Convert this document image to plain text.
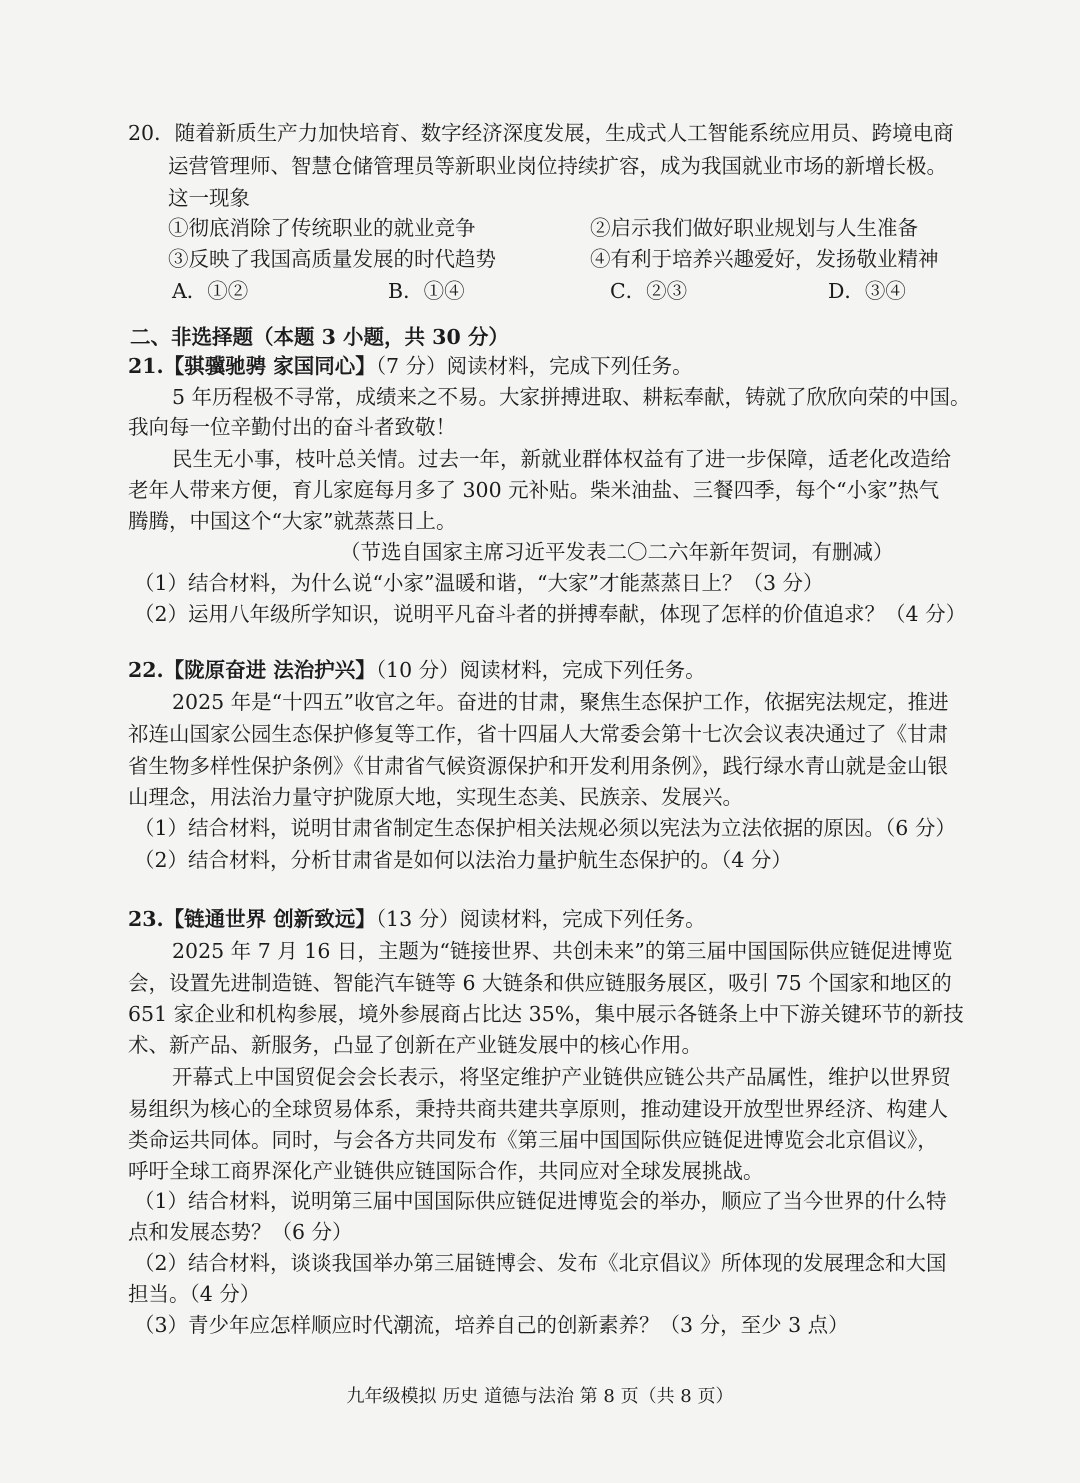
20．随着新质生产力加快培育、数字经济深度发展，生成式人工智能系统应用员、跨境电商
运营管理师、智慧仓储管理员等新职业岗位持续扩容，成为我国就业市场的新增长极。
这一现象
①彻底消除了传统职业的就业竞争	②启示我们做好职业规划与人生准备
③反映了我国高质量发展的时代趋势	④有利于培养兴趣爱好，发扬敬业精神
A．①②	B．①④	C．②③	D．③④
二、非选择题（本题 3 小题，共 30 分）
21.【骐骥驰骋 家国同心】（7 分）阅读材料，完成下列任务。
5 年历程极不寻常，成绩来之不易。大家拼搏进取、耕耘奉献，铸就了欣欣向荣的中国。
我向每一位辛勤付出的奋斗者致敬！
民生无小事，枝叶总关情。过去一年，新就业群体权益有了进一步保障，适老化改造给
老年人带来方便，育儿家庭每月多了 300 元补贴。柴米油盐、三餐四季，每个“小家”热气
腾腾，中国这个“大家”就蒸蒸日上。
（节选自国家主席习近平发表二〇二六年新年贺词，有删减）
（1）结合材料，为什么说“小家”温暖和谐，“大家”才能蒸蒸日上？（3 分）
（2）运用八年级所学知识，说明平凡奋斗者的拼搏奉献，体现了怎样的价值追求？（4 分）
22.【陇原奋进 法治护兴】（10 分）阅读材料，完成下列任务。
2025 年是“十四五”收官之年。奋进的甘肃，聚焦生态保护工作，依据宪法规定，推进
祁连山国家公园生态保护修复等工作，省十四届人大常委会第十七次会议表决通过了《甘肃
省生物多样性保护条例》《甘肃省气候资源保护和开发利用条例》，践行绿水青山就是金山银
山理念，用法治力量守护陇原大地，实现生态美、民族亲、发展兴。
（1）结合材料，说明甘肃省制定生态保护相关法规必须以宪法为立法依据的原因。（6 分）
（2）结合材料，分析甘肃省是如何以法治力量护航生态保护的。（4 分）
23.【链通世界 创新致远】（13 分）阅读材料，完成下列任务。
2025 年 7 月 16 日，主题为“链接世界、共创未来”的第三届中国国际供应链促进博览
会，设置先进制造链、智能汽车链等 6 大链条和供应链服务展区，吸引 75 个国家和地区的
651 家企业和机构参展，境外参展商占比达 35%，集中展示各链条上中下游关键环节的新技
术、新产品、新服务，凸显了创新在产业链发展中的核心作用。
开幕式上中国贸促会会长表示，将坚定维护产业链供应链公共产品属性，维护以世界贸
易组织为核心的全球贸易体系，秉持共商共建共享原则，推动建设开放型世界经济、构建人
类命运共同体。同时，与会各方共同发布《第三届中国国际供应链促进博览会北京倡议》，
呼吁全球工商界深化产业链供应链国际合作，共同应对全球发展挑战。
（1）结合材料，说明第三届中国国际供应链促进博览会的举办，顺应了当今世界的什么特
点和发展态势？（6 分）
（2）结合材料，谈谈我国举办第三届链博会、发布《北京倡议》所体现的发展理念和大国
担当。（4 分）
（3）青少年应怎样顺应时代潮流，培养自己的创新素养？（3 分，至少 3 点）
九年级模拟 历史 道德与法治 第 8 页（共 8 页）
